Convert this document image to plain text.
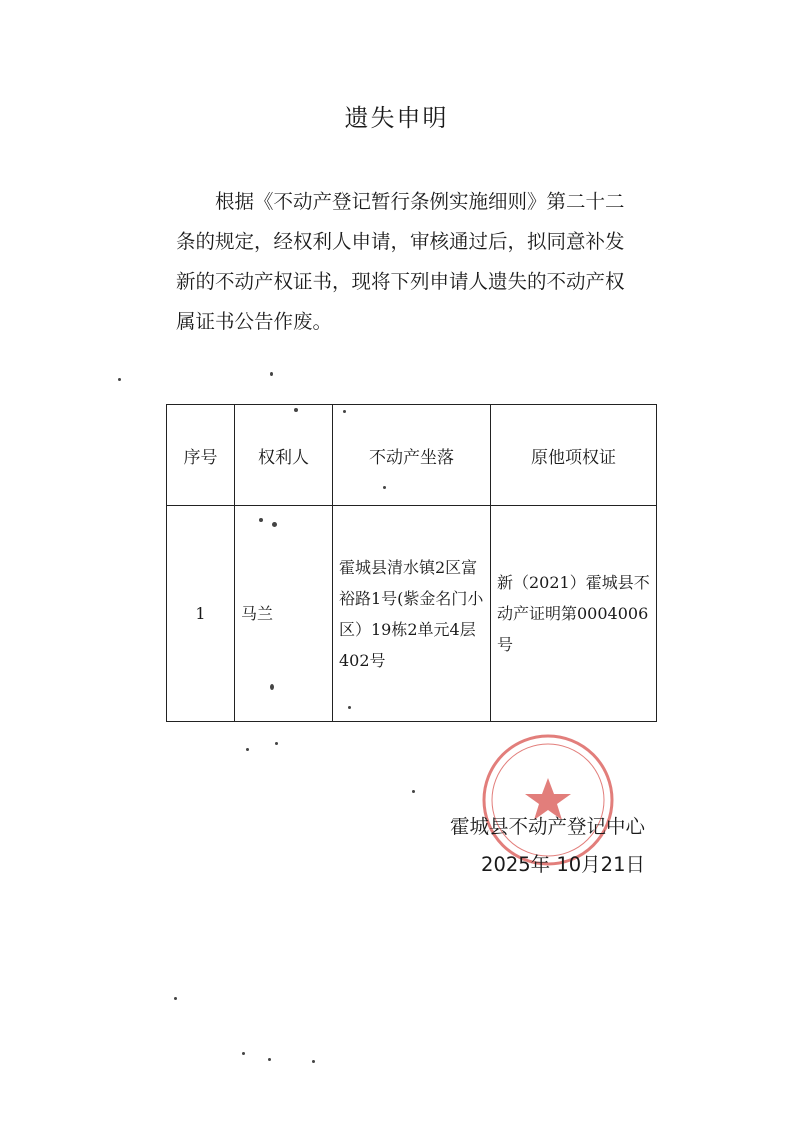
遗失申明

根据《不动产登记暂行条例实施细则》第二十二

条的规定，经权利人申请，审核通过后，拟同意补发

新的不动产权证书，现将下列申请人遗失的不动产权

属证书公告作废。

序号	权利人	不动产坐落	原他项权证
1	马兰	霍城县清水镇2区富裕路1号(紫金名门小区）19栋2单元4层402号	新（2021）霍城县不动产证明第0004006号
霍城县不动产登记中心
2025年 10月21日
